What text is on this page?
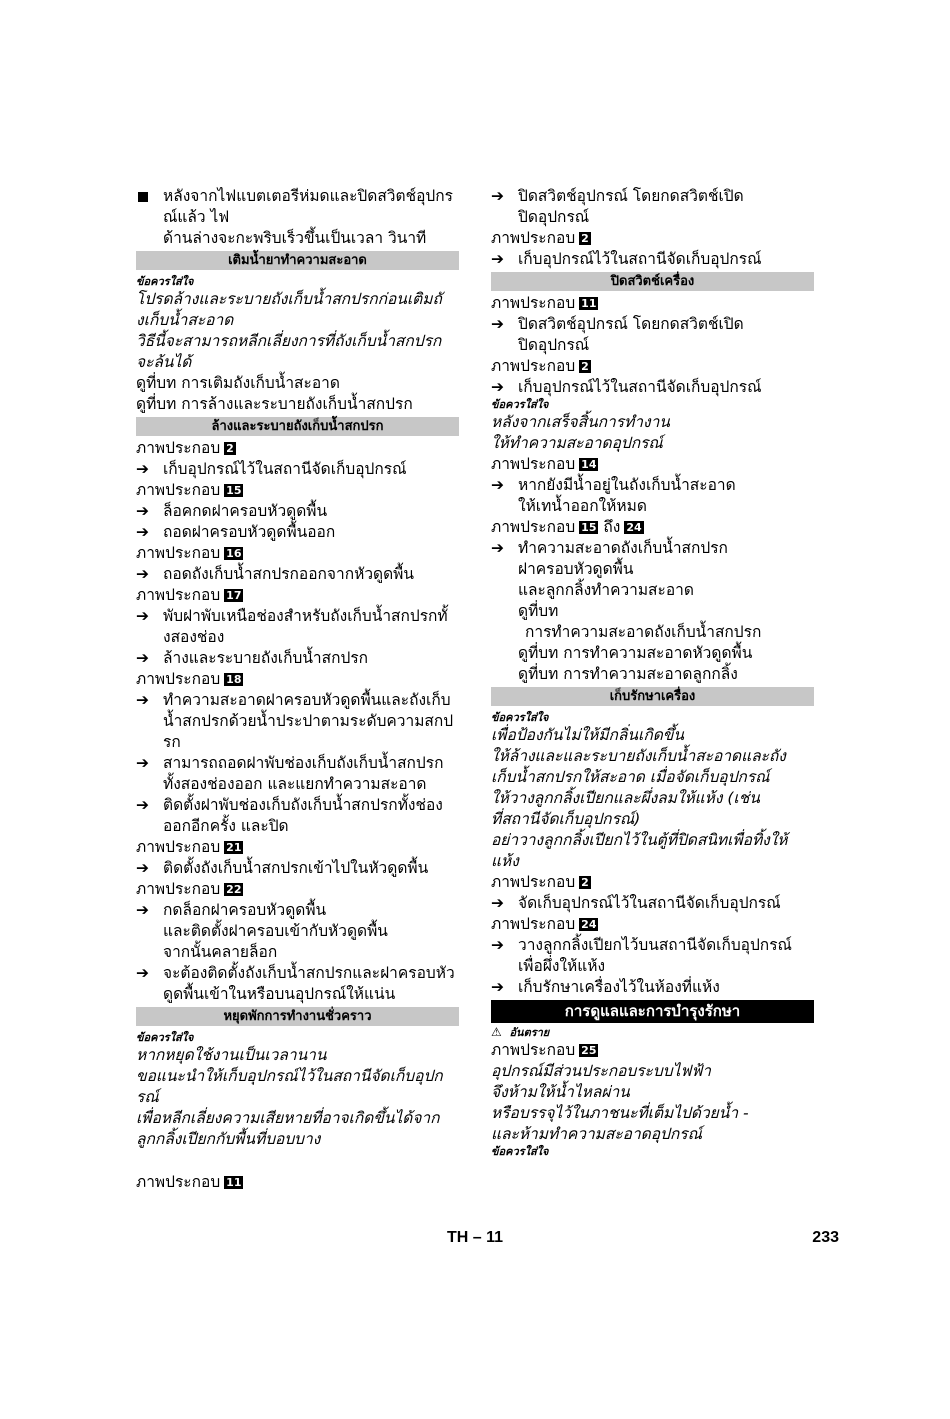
หลังจากไฟแบตเตอรีห่มดและปิดสวิตช์อุปกร
ณ์แล้ว ไฟ
ด้านล่างจะกะพริบเร็วขึ้นเป็นเวลา วินาที
เติมน้ำยาทำความสะอาด
ข้อควรใส่ใจ
โปรดล้างและระบายถังเก็บน้ำสกปรกก่อนเติมถั
งเก็บน้ำสะอาด
วิธีนี้จะสามารถหลีกเลี่ยงการที่ถังเก็บน้ำสกปรก
จะล้นได้
ดูที่บท การเติมถังเก็บน้ำสะอาด
ดูที่บท การล้างและระบายถังเก็บน้ำสกปรก
ล้างและระบายถังเก็บน้ำสกปรก
ภาพประกอบ 2
➔ เก็บอุปกรณ์ไว้ในสถานีจัดเก็บอุปกรณ์
ภาพประกอบ 15
➔ ล็อคกดฝาครอบหัวดูดพื้น
➔ ถอดฝาครอบหัวดูดพื้นออก
ภาพประกอบ 16
➔ ถอดถังเก็บน้ำสกปรกออกจากหัวดูดพื้น
ภาพประกอบ 17
➔ พับฝาพับเหนือช่องสำหรับถังเก็บน้ำสกปรกทั้
งสองช่อง
➔ ล้างและระบายถังเก็บน้ำสกปรก
ภาพประกอบ 18
➔ ทำความสะอาดฝาครอบหัวดูดพื้นและถังเก็บ
น้ำสกปรกด้วยน้ำประปาตามระดับความสกป
รก
➔ สามารถถอดฝาพับช่องเก็บถังเก็บน้ำสกปรก
ทั้งสองช่องออก และแยกทำความสะอาด
➔ ติดตั้งฝาพับช่องเก็บถังเก็บน้ำสกปรกทั้งช่อง
ออกอีกครั้ง และปิด
ภาพประกอบ 21
➔ ติดตั้งถังเก็บน้ำสกปรกเข้าไปในหัวดูดพื้น
ภาพประกอบ 22
➔ กดล็อกฝาครอบหัวดูดพื้น
และติดตั้งฝาครอบเข้ากับหัวดูดพื้น
จากนั้นคลายล็อก
➔ จะต้องติดตั้งถังเก็บน้ำสกปรกและฝาครอบหัว
ดูดพื้นเข้าในหรือบนอุปกรณ์ให้แน่น
หยุดพักการทำงานชั่วคราว
ข้อควรใส่ใจ
หากหยุดใช้งานเป็นเวลานาน
ขอแนะนำให้เก็บอุปกรณ์ไว้ในสถานีจัดเก็บอุปก
รณ์
เพื่อหลีกเลี่ยงความเสียหายที่อาจเกิดขึ้นได้จาก
ลูกกลิ้งเปียกกับพื้นที่บอบบาง
ภาพประกอบ 11
➔ ปิดสวิตช์อุปกรณ์ โดยกดสวิตช์เปิด
ปิดอุปกรณ์
ภาพประกอบ 2
➔ เก็บอุปกรณ์ไว้ในสถานีจัดเก็บอุปกรณ์
ปิดสวิตช์เครื่อง
ภาพประกอบ 11
➔ ปิดสวิตช์อุปกรณ์ โดยกดสวิตช์เปิด
ปิดอุปกรณ์
ภาพประกอบ 2
➔ เก็บอุปกรณ์ไว้ในสถานีจัดเก็บอุปกรณ์
ข้อควรใส่ใจ
หลังจากเสร็จสิ้นการทำงาน
ให้ทำความสะอาดอุปกรณ์
ภาพประกอบ 14
➔ หากยังมีน้ำอยู่ในถังเก็บน้ำสะอาด
ให้เทน้ำออกให้หมด
ภาพประกอบ 15 ถึง 24
➔ ทำความสะอาดถังเก็บน้ำสกปรก
ฝาครอบหัวดูดพื้น
และลูกกลิ้งทำความสะอาด
ดูที่บท
การทำความสะอาดถังเก็บน้ำสกปรก
ดูที่บท การทำความสะอาดหัวดูดพื้น
ดูที่บท การทำความสะอาดลูกกลิ้ง
เก็บรักษาเครื่อง
ข้อควรใส่ใจ
เพื่อป้องกันไม่ให้มีกลิ่นเกิดขึ้น
ให้ล้างและและระบายถังเก็บน้ำสะอาดและถัง
เก็บน้ำสกปรกให้สะอาด เมื่อจัดเก็บอุปกรณ์
ให้วางลูกกลิ้งเปียกและผึ่งลมให้แห้ง (เช่น
ที่สถานีจัดเก็บอุปกรณ์)
อย่าวางลูกกลิ้งเปียกไว้ในตู้ที่ปิดสนิทเพื่อทิ้งให้
แห้ง
ภาพประกอบ 2
➔ จัดเก็บอุปกรณ์ไว้ในสถานีจัดเก็บอุปกรณ์
ภาพประกอบ 24
➔ วางลูกกลิ้งเปียกไว้บนสถานีจัดเก็บอุปกรณ์
เพื่อผึ่งให้แห้ง
➔ เก็บรักษาเครื่องไว้ในห้องที่แห้ง
การดูแลและการบำรุงรักษา
⚠ อันตราย
ภาพประกอบ 25
อุปกรณ์มีส่วนประกอบระบบไฟฟ้า
จึงห้ามให้น้ำไหลผ่าน
หรือบรรจุไว้ในภาชนะที่เต็มไปด้วยน้ำ -
และห้ามทำความสะอาดอุปกรณ์
ข้อควรใส่ใจ
TH – 11	233
